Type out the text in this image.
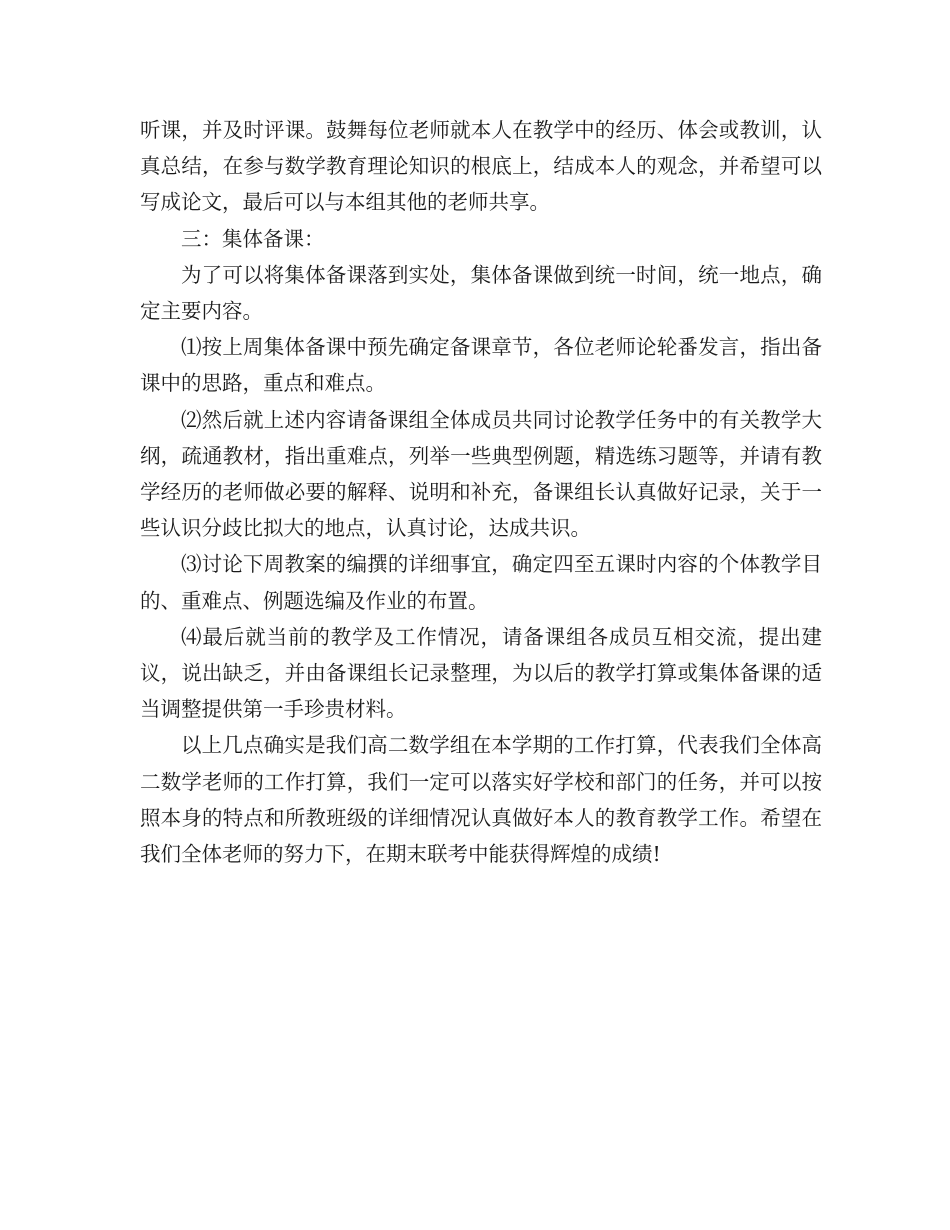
听课，并及时评课。鼓舞每位老师就本人在教学中的经历、体会或教训，认真总结，在参与数学教育理论知识的根底上，结成本人的观念，并希望可以写成论文，最后可以与本组其他的老师共享。

三：集体备课：

为了可以将集体备课落到实处，集体备课做到统一时间，统一地点，确定主要内容。

⑴按上周集体备课中预先确定备课章节，各位老师论轮番发言，指出备课中的思路，重点和难点。

⑵然后就上述内容请备课组全体成员共同讨论教学任务中的有关教学大纲，疏通教材，指出重难点，列举一些典型例题，精选练习题等，并请有教学经历的老师做必要的解释、说明和补充，备课组长认真做好记录，关于一些认识分歧比拟大的地点，认真讨论，达成共识。

⑶讨论下周教案的编撰的详细事宜，确定四至五课时内容的个体教学目的、重难点、例题选编及作业的布置。

⑷最后就当前的教学及工作情况，请备课组各成员互相交流，提出建议，说出缺乏，并由备课组长记录整理，为以后的教学打算或集体备课的适当调整提供第一手珍贵材料。

以上几点确实是我们高二数学组在本学期的工作打算，代表我们全体高二数学老师的工作打算，我们一定可以落实好学校和部门的任务，并可以按照本身的特点和所教班级的详细情况认真做好本人的教育教学工作。希望在我们全体老师的努力下，在期末联考中能获得辉煌的成绩!
